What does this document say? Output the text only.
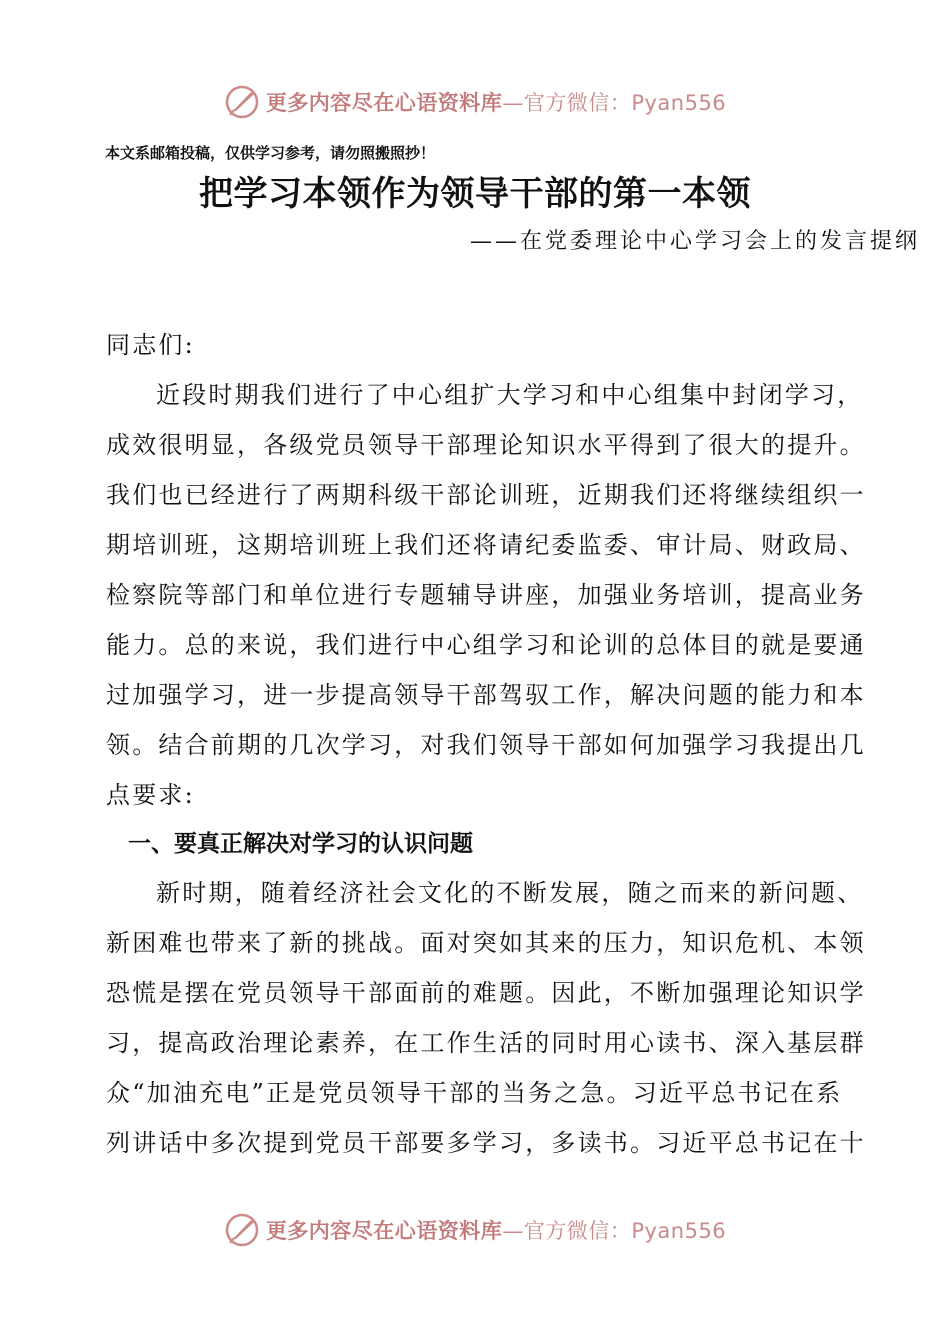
更多内容尽在心语资料库—官方微信：Pyan556
本文系邮箱投稿，仅供学习参考，请勿照搬照抄！
把学习本领作为领导干部的第一本领
——在党委理论中心学习会上的发言提纲
同志们:
近段时期我们进行了中心组扩大学习和中心组集中封闭学习，
成效很明显，各级党员领导干部理论知识水平得到了很大的提升。
我们也已经进行了两期科级干部论训班，近期我们还将继续组织一
期培训班，这期培训班上我们还将请纪委监委、审计局、财政局、
检察院等部门和单位进行专题辅导讲座，加强业务培训，提高业务
能力。总的来说，我们进行中心组学习和论训的总体目的就是要通
过加强学习，进一步提高领导干部驾驭工作，解决问题的能力和本
领。结合前期的几次学习，对我们领导干部如何加强学习我提出几
点要求:
一、要真正解决对学习的认识问题
新时期，随着经济社会文化的不断发展，随之而来的新问题、
新困难也带来了新的挑战。面对突如其来的压力，知识危机、本领
恐慌是摆在党员领导干部面前的难题。因此，不断加强理论知识学
习，提高政治理论素养，在工作生活的同时用心读书、深入基层群
众“加油充电”正是党员领导干部的当务之急。习近平总书记在系
列讲话中多次提到党员干部要多学习，多读书。习近平总书记在十
更多内容尽在心语资料库—官方微信：Pyan556
